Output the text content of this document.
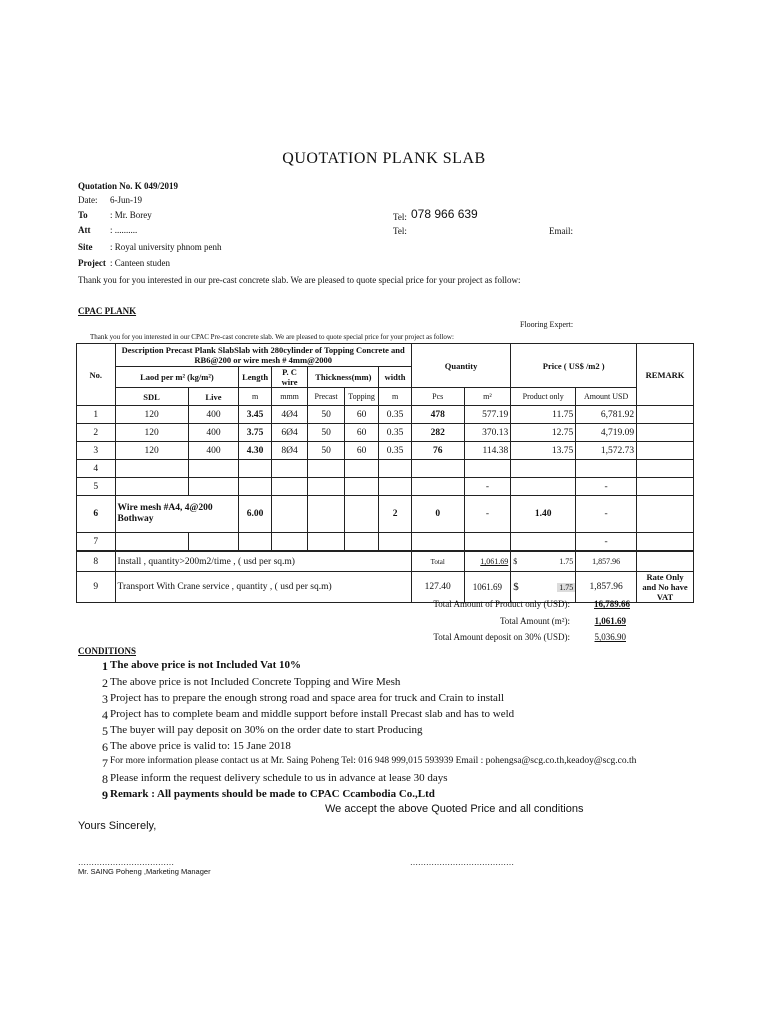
QUOTATION PLANK SLAB
Quotation No. K 049/2019
Date: 6-Jun-19
To : Mr. Borey
Att : ..........
Site : Royal university phnom penh
Project : Canteen studen
Tel: 078 966 639
Tel:	Email:
Thank you for you interested in our pre-cast concrete slab. We are pleased to quote special price for your project as follow:
CPAC PLANK
Flooring Expert:
Thank you for you interested in our CPAC Pre-cast concrete slab. We are pleased to quote special price for your project as follow:
No.	Description Precast Plank SlabSlab with 280cylinder of Topping Concrete and RB6@200 or wire mesh # 4mm@2000							Quantity		Price ( US$ /m2 )		REMARK
	Laod per m² (kg/m²)		Length	P. C wire	Thickness(mm)		width					
	SDL	Live	m	mmm	Precast	Topping	m	Pcs	m²	Product only	Amount USD	
1	120	400	3.45	4Ø4	50	60	0.35	478	577.19	11.75	6,781.92	
2	120	400	3.75	6Ø4	50	60	0.35	282	370.13	12.75	4,719.09	
3	120	400	4.30	8Ø4	50	60	0.35	76	114.38	13.75	1,572.73	
4												
5									-		-	
6	Wire mesh #A4, 4@200 Bothway		6.00				2	0	-	1.40	-	
7											-	
8	Install , quantity>200m2/time , ( usd per sq.m)							Total	1,061.69	$ 1.75	1,857.96	
9	Transport With Crane service , quantity , ( usd per sq.m)							127.40	1061.69	$ 1.75	1,857.96	Rate Only and No have VAT
Total Amount of Product only (USD):	16,789.66
Total Amount (m²):	1,061.69
Total Amount deposit on 30% (USD):	5,036.90
CONDITIONS
1 The above price is not Included Vat 10%
2 The above price is not Included Concrete Topping and Wire Mesh
3 Project has to prepare the enough strong road and space area for truck and Crain to install
4 Project has to complete beam and middle support before install Precast slab and has to weld
5 The buyer will pay deposit on 30% on the order date to start Producing
6 The above price is valid to: 15 Jane 2018
7 For more information please contact us at Mr. Saing Poheng Tel: 016 948 999,015 593939 Email : pohengsa@scg.co.th,keadoy@scg.co.th
8 Please inform the request delivery schedule to us in advance at lease 30 days
9 Remark : All payments should be made to CPAC Ccambodia Co.,Ltd
We accept the above Quoted Price and all conditions
Yours Sincerely,
………………………………	…………………………………
Mr. SAING Poheng ,Marketing Manager
